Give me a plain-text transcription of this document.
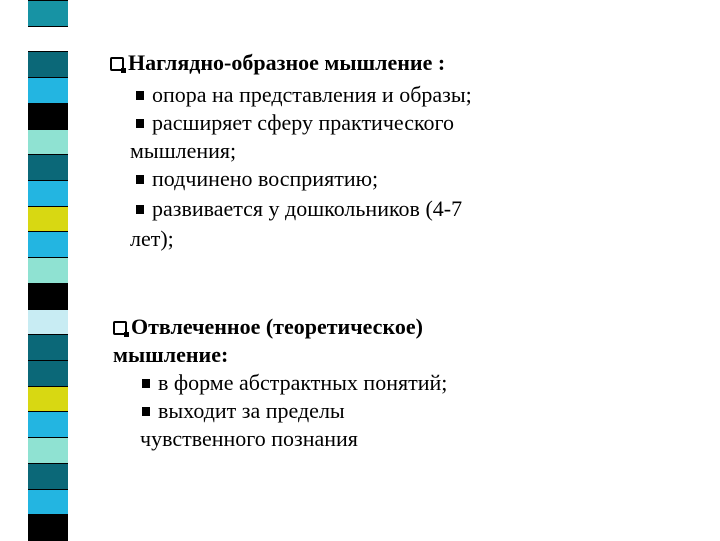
Наглядно-образное мышление :
опора на представления и образы;
расширяет сферу практического
мышления;
подчинено восприятию;
развивается у дошкольников (4-7
лет);
Отвлеченное (теоретическое)
мышление:
в форме абстрактных понятий;
выходит за пределы
чувственного познания
